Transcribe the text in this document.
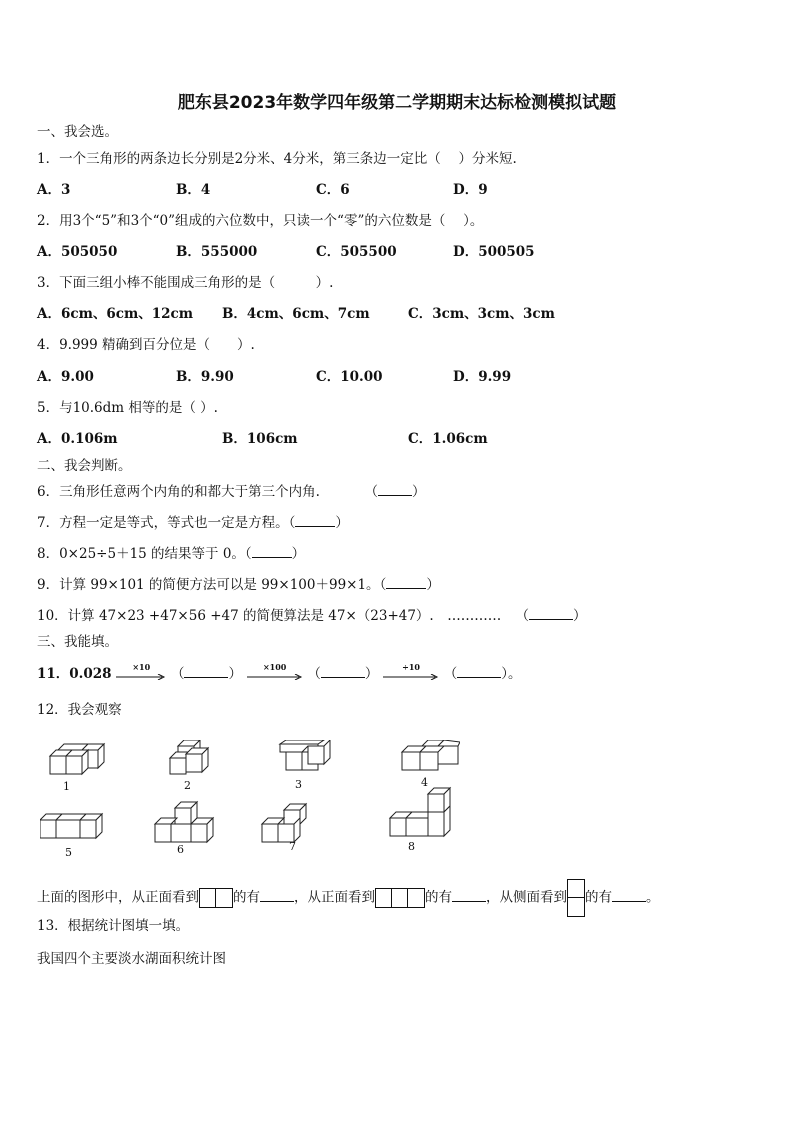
肥东县2023年数学四年级第二学期期末达标检测模拟试题
一、我会选。
1．一个三角形的两条边长分别是2分米、4分米，第三条边一定比（　 ）分米短.
A．3	B．4	C．6	D．9
2．用3个“5”和3个“0”组成的六位数中，只读一个“零”的六位数是（　 ）。
A．505050	B．555000	C．505500	D．500505
3．下面三组小棒不能围成三角形的是（　　　）.
A．6cm、6cm、12cm B．4cm、6cm、7cm	C．3cm、3cm、3cm
4．9.999 精确到百分位是（　　）.
A．9.00	B．9.90	C．10.00	D．9.99
5．与10.6dm 相等的是（ ）.
A．0.106m	B．106cm	C．1.06cm
二、我会判断。
6．三角形任意两个内角的和都大于第三个内角.	（	）
7．方程一定是等式，等式也一定是方程。（	）
8．0×25÷5＋15 的结果等于 0。（	）
9．计算 99×101 的简便方法可以是 99×100＋99×1。（	）
10．计算 47×23 +47×56 +47 的简便算法是 47×（23+47）.　………… （	）
三、我能填。
11．0.028	×10	（	）	×100	（	）	÷10	（	）。
12．我会观察
1	2	3	4
5	6	7	8
上面的图形中，从正面看到	的有	，从正面看到	的有	，从侧面看到 的有	。
13．根据统计图填一填。
我国四个主要淡水湖面积统计图
